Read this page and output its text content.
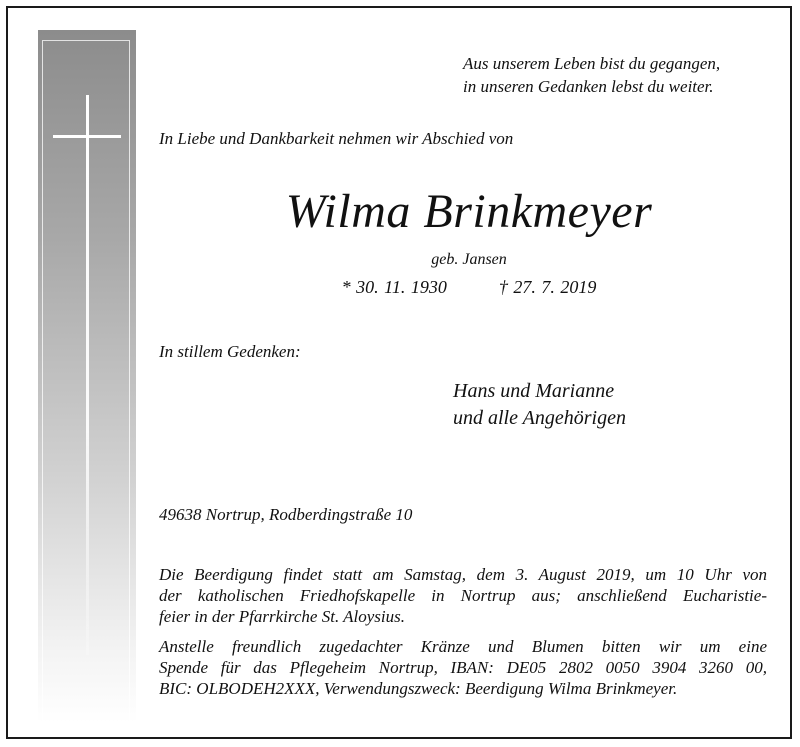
Aus unserem Leben bist du gegangen,
in unseren Gedanken lebst du weiter.
In Liebe und Dankbarkeit nehmen wir Abschied von
Wilma Brinkmeyer
geb. Jansen
* 30. 11. 1930	† 27. 7. 2019
In stillem Gedenken:
Hans und Marianne
und alle Angehörigen
49638 Nortrup, Rodberdingstraße 10
Die Beerdigung findet statt am Samstag, dem 3. August 2019, um 10 Uhr von
der katholischen Friedhofskapelle in Nortrup aus; anschließend Eucharistie-
feier in der Pfarrkirche St. Aloysius.
Anstelle freundlich zugedachter Kränze und Blumen bitten wir um eine
Spende für das Pflegeheim Nortrup, IBAN: DE05 2802 0050 3904 3260 00,
BIC: OLBODEH2XXX, Verwendungszweck: Beerdigung Wilma Brinkmeyer.
